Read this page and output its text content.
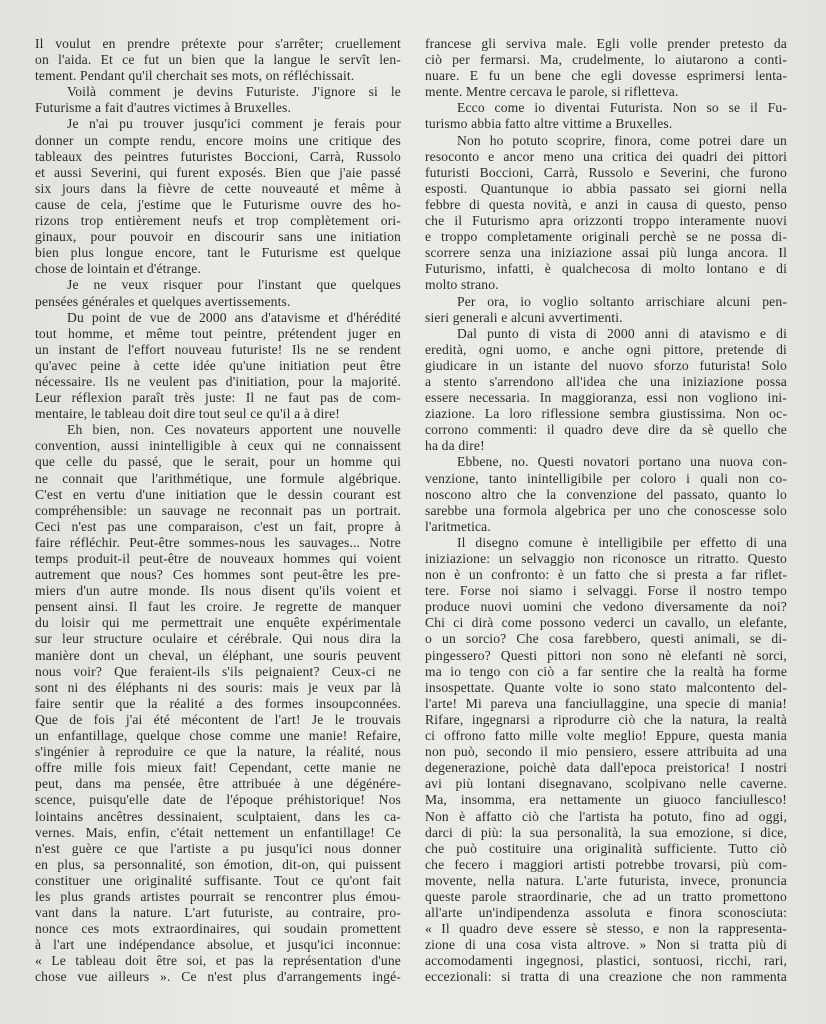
Il voulut en prendre prétexte pour s'arrêter; cruellement
on l'aida. Et ce fut un bien que la langue le servît len-
tement. Pendant qu'il cherchait ses mots, on réfléchissait.
Voilà comment je devins Futuriste. J'ignore si le
Futurisme a fait d'autres victimes à Bruxelles.
Je n'ai pu trouver jusqu'ici comment je ferais pour
donner un compte rendu, encore moins une critique des
tableaux des peintres futuristes Boccioni, Carrà, Russolo
et aussi Severini, qui furent exposés. Bien que j'aie passé
six jours dans la fièvre de cette nouveauté et même à
cause de cela, j'estime que le Futurisme ouvre des ho-
rizons trop entièrement neufs et trop complètement ori-
ginaux, pour pouvoir en discourir sans une initiation
bien plus longue encore, tant le Futurisme est quelque
chose de lointain et d'étrange.
Je ne veux risquer pour l'instant que quelques
pensées générales et quelques avertissements.
Du point de vue de 2000 ans d'atavisme et d'hérédité
tout homme, et même tout peintre, prétendent juger en
un instant de l'effort nouveau futuriste! Ils ne se rendent
qu'avec peine à cette idée qu'une initiation peut être
nécessaire. Ils ne veulent pas d'initiation, pour la majorité.
Leur réflexion paraît très juste: Il ne faut pas de com-
mentaire, le tableau doit dire tout seul ce qu'il a à dire!
Eh bien, non. Ces novateurs apportent une nouvelle
convention, aussi inintelligible à ceux qui ne connaissent
que celle du passé, que le serait, pour un homme qui
ne connait que l'arithmétique, une formule algébrique.
C'est en vertu d'une initiation que le dessin courant est
compréhensible: un sauvage ne reconnait pas un portrait.
Ceci n'est pas une comparaison, c'est un fait, propre à
faire réfléchir. Peut-être sommes-nous les sauvages... Notre
temps produit-il peut-être de nouveaux hommes qui voient
autrement que nous? Ces hommes sont peut-être les pre-
miers d'un autre monde. Ils nous disent qu'ils voient et
pensent ainsi. Il faut les croire. Je regrette de manquer
du loisir qui me permettrait une enquête expérimentale
sur leur structure oculaire et cérébrale. Qui nous dira la
manière dont un cheval, un éléphant, une souris peuvent
nous voir? Que feraient-ils s'ils peignaient? Ceux-ci ne
sont ni des éléphants ni des souris: mais je veux par là
faire sentir que la réalité a des formes insoupconnées.
Que de fois j'ai été mécontent de l'art! Je le trouvais
un enfantillage, quelque chose comme une manie! Refaire,
s'ingénier à reproduire ce que la nature, la réalité, nous
offre mille fois mieux fait! Cependant, cette manie ne
peut, dans ma pensée, être attribuée à une dégénére-
scence, puisqu'elle date de l'époque préhistorique! Nos
lointains ancêtres dessinaient, sculptaient, dans les ca-
vernes. Mais, enfin, c'était nettement un enfantillage! Ce
n'est guère ce que l'artiste a pu jusqu'ici nous donner
en plus, sa personnalité, son émotion, dit-on, qui puissent
constituer une originalité suffisante. Tout ce qu'ont fait
les plus grands artistes pourrait se rencontrer plus émou-
vant dans la nature. L'art futuriste, au contraire, pro-
nonce ces mots extraordinaires, qui soudain promettent
à l'art une indépendance absolue, et jusqu'ici inconnue:
« Le tableau doit être soi, et pas la représentation d'une
chose vue ailleurs ». Ce n'est plus d'arrangements ingé-
francese gli serviva male. Egli volle prender pretesto da
ciò per fermarsi. Ma, crudelmente, lo aiutarono a conti-
nuare. E fu un bene che egli dovesse esprimersi lenta-
mente. Mentre cercava le parole, si rifletteva.
Ecco come io diventai Futurista. Non so se il Fu-
turismo abbia fatto altre vittime a Bruxelles.
Non ho potuto scoprire, finora, come potrei dare un
resoconto e ancor meno una critica dei quadri dei pittori
futuristi Boccioni, Carrà, Russolo e Severini, che furono
esposti. Quantunque io abbia passato sei giorni nella
febbre di questa novità, e anzi in causa di questo, penso
che il Futurismo apra orizzonti troppo interamente nuovi
e troppo completamente originali perchè se ne possa di-
scorrere senza una iniziazione assai più lunga ancora. Il
Futurismo, infatti, è qualchecosa di molto lontano e di
molto strano.
Per ora, io voglio soltanto arrischiare alcuni pen-
sieri generali e alcuni avvertimenti.
Dal punto di vista di 2000 anni di atavismo e di
eredità, ogni uomo, e anche ogni pittore, pretende di
giudicare in un istante del nuovo sforzo futurista! Solo
a stento s'arrendono all'idea che una iniziazione possa
essere necessaria. In maggioranza, essi non vogliono ini-
ziazione. La loro riflessione sembra giustissima. Non oc-
corrono commenti: il quadro deve dire da sè quello che
ha da dire!
Ebbene, no. Questi novatori portano una nuova con-
venzione, tanto inintelligibile per coloro i quali non co-
noscono altro che la convenzione del passato, quanto lo
sarebbe una formola algebrica per uno che conoscesse solo
l'aritmetica.
Il disegno comune è intelligibile per effetto di una
iniziazione: un selvaggio non riconosce un ritratto. Questo
non è un confronto: è un fatto che si presta a far riflet-
tere. Forse noi siamo i selvaggi. Forse il nostro tempo
produce nuovi uomini che vedono diversamente da noi?
Chi ci dirà come possono vederci un cavallo, un elefante,
o un sorcio? Che cosa farebbero, questi animali, se di-
pingessero? Questi pittori non sono nè elefanti nè sorci,
ma io tengo con ciò a far sentire che la realtà ha forme
insospettate. Quante volte io sono stato malcontento del-
l'arte! Mi pareva una fanciullaggine, una specie di mania!
Rifare, ingegnarsi a riprodurre ciò che la natura, la realtà
ci offrono fatto mille volte meglio! Eppure, questa mania
non può, secondo il mio pensiero, essere attribuita ad una
degenerazione, poichè data dall'epoca preistorica! I nostri
avi più lontani disegnavano, scolpivano nelle caverne.
Ma, insomma, era nettamente un giuoco fanciullesco!
Non è affatto ciò che l'artista ha potuto, fino ad oggi,
darci di più: la sua personalità, la sua emozione, si dice,
che può costituire una originalità sufficiente. Tutto ciò
che fecero i maggiori artisti potrebbe trovarsi, più com-
movente, nella natura. L'arte futurista, invece, pronuncia
queste parole straordinarie, che ad un tratto promettono
all'arte un'indipendenza assoluta e finora sconosciuta:
« Il quadro deve essere sè stesso, e non la rappresenta-
zione di una cosa vista altrove. » Non si tratta più di
accomodamenti ingegnosi, plastici, sontuosi, ricchi, rari,
eccezionali: si tratta di una creazione che non rammenta
